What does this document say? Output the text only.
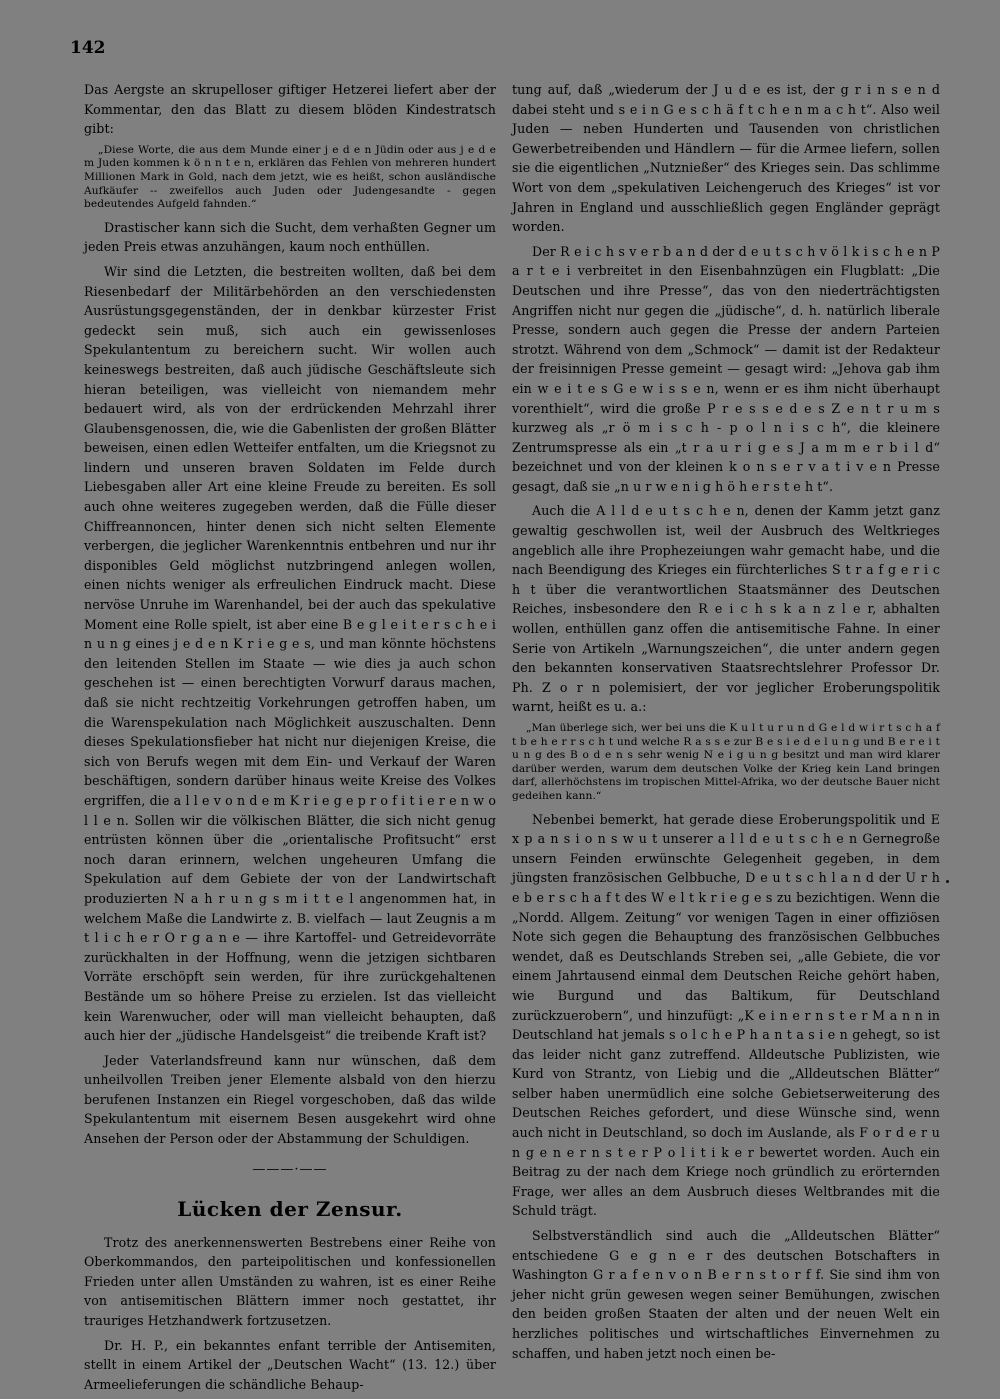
142

Das Aergste an skrupelloser giftiger Hetzerei liefert aber der Kommentar, den das Blatt zu diesem blöden Kindestratsch gibt:

„Diese Worte, die aus dem Munde einer j e d e n Jüdin oder aus j e d e m Juden kommen k ö n n t e n, erklären das Fehlen von mehreren hundert Millionen Mark in Gold, nach dem jetzt, wie es heißt, schon ausländische Aufkäufer -- zweifellos auch Juden oder Judengesandte - gegen bedeutendes Aufgeld fahnden.“

Drastischer kann sich die Sucht, dem verhaßten Gegner um jeden Preis etwas anzuhängen, kaum noch enthüllen.

Wir sind die Letzten, die bestreiten wollten, daß bei dem Riesenbedarf der Militärbehörden an den verschiedensten Ausrüstungsgegenständen, der in denkbar kürzester Frist gedeckt sein muß, sich auch ein gewissenloses Spekulantentum zu bereichern sucht. Wir wollen auch keineswegs bestreiten, daß auch jüdische Geschäftsleute sich hieran beteiligen, was vielleicht von niemandem mehr bedauert wird, als von der erdrückenden Mehrzahl ihrer Glaubensgenossen, die, wie die Gabenlisten der großen Blätter beweisen, einen edlen Wetteifer entfalten, um die Kriegsnot zu lindern und unseren braven Soldaten im Felde durch Liebesgaben aller Art eine kleine Freude zu bereiten. Es soll auch ohne weiteres zugegeben werden, daß die Fülle dieser Chiffreannoncen, hinter denen sich nicht selten Elemente verbergen, die jeglicher Warenkenntnis entbehren und nur ihr disponibles Geld möglichst nutzbringend anlegen wollen, einen nichts weniger als erfreulichen Eindruck macht. Diese nervöse Unruhe im Warenhandel, bei der auch das spekulative Moment eine Rolle spielt, ist aber eine B e g l e i t e r s c h e i n u n g eines j e d e n K r i e g e s, und man könnte höchstens den leitenden Stellen im Staate — wie dies ja auch schon geschehen ist — einen berechtigten Vorwurf daraus machen, daß sie nicht rechtzeitig Vorkehrungen getroffen haben, um die Warenspekulation nach Möglichkeit auszuschalten. Denn dieses Spekulationsfieber hat nicht nur diejenigen Kreise, die sich von Berufs wegen mit dem Ein- und Verkauf der Waren beschäftigen, sondern darüber hinaus weite Kreise des Volkes ergriffen, die a l l e v o n d e m K r i e g e p r o f i t i e r e n w o l l e n. Sollen wir die völkischen Blätter, die sich nicht genug entrüsten können über die „orientalische Profitsucht“ erst noch daran erinnern, welchen ungeheuren Umfang die Spekulation auf dem Gebiete der von der Landwirtschaft produzierten N a h r u n g s m i t t e l angenommen hat, in welchem Maße die Landwirte z. B. vielfach — laut Zeugnis a m t l i c h e r O r g a n e — ihre Kartoffel- und Getreidevorräte zurückhalten in der Hoffnung, wenn die jetzigen sichtbaren Vorräte erschöpft sein werden, für ihre zurückgehaltenen Bestände um so höhere Preise zu erzielen. Ist das vielleicht kein Warenwucher, oder will man vielleicht behaupten, daß auch hier der „jüdische Handelsgeist“ die treibende Kraft ist?

Jeder Vaterlandsfreund kann nur wünschen, daß dem unheilvollen Treiben jener Elemente alsbald von den hierzu berufenen Instanzen ein Riegel vorgeschoben, daß das wilde Spekulantentum mit eisernem Besen ausgekehrt wird ohne Ansehen der Person oder der Abstammung der Schuldigen.

———·——
Lücken der Zensur.

Trotz des anerkennenswerten Bestrebens einer Reihe von Oberkommandos, den parteipolitischen und konfessionellen Frieden unter allen Umständen zu wahren, ist es einer Reihe von antisemitischen Blättern immer noch gestattet, ihr trauriges Hetzhandwerk fortzusetzen.

Dr. H. P., ein bekanntes enfant terrible der Antisemiten, stellt in einem Artikel der „Deutschen Wacht“ (13. 12.) über Armeelieferungen die schändliche Behaup-

tung auf, daß „wiederum der J u d e es ist, der g r i n s e n d dabei steht und s e i n G e s c h ä f t c h e n m a c h t“. Also weil Juden — neben Hunderten und Tausenden von christlichen Gewerbetreibenden und Händlern — für die Armee liefern, sollen sie die eigentlichen „Nutznießer“ des Krieges sein. Das schlimme Wort von dem „spekulativen Leichengeruch des Krieges“ ist vor Jahren in England und ausschließlich gegen Engländer geprägt worden.

Der R e i c h s v e r b a n d der d e u t s c h v ö l k i s c h e n P a r t e i verbreitet in den Eisenbahnzügen ein Flugblatt: „Die Deutschen und ihre Presse“, das von den niederträchtigsten Angriffen nicht nur gegen die „jüdische“, d. h. natürlich liberale Presse, sondern auch gegen die Presse der andern Parteien strotzt. Während von dem „Schmock“ — damit ist der Redakteur der freisinnigen Presse gemeint — gesagt wird: „Jehova gab ihm ein w e i t e s G e w i s s e n, wenn er es ihm nicht überhaupt vorenthielt“, wird die große P r e s s e d e s Z e n t r u m s kurzweg als „r ö m i s c h - p o l n i s c h“, die kleinere Zentrumspresse als ein „t r a u r i g e s J a m m e r b i l d“ bezeichnet und von der kleinen k o n s e r v a t i v e n Presse gesagt, daß sie „n u r w e n i g h ö h e r s t e h t“.

Auch die A l l d e u t s c h e n, denen der Kamm jetzt ganz gewaltig geschwollen ist, weil der Ausbruch des Weltkrieges angeblich alle ihre Prophezeiungen wahr gemacht habe, und die nach Beendigung des Krieges ein fürchterliches S t r a f g e r i c h t über die verantwortlichen Staatsmänner des Deutschen Reiches, insbesondere den R e i c h s k a n z l e r, abhalten wollen, enthüllen ganz offen die antisemitische Fahne. In einer Serie von Artikeln „Warnungszeichen“, die unter andern gegen den bekannten konservativen Staatsrechtslehrer Professor Dr. Ph. Z o r n polemisiert, der vor jeglicher Eroberungspolitik warnt, heißt es u. a.:

„Man überlege sich, wer bei uns die K u l t u r u n d G e l d w i r t s c h a f t b e h e r r s c h t und welche R a s s e zur B e s i e d e l u n g und B e r e i t u n g des B o d e n s sehr wenig N e i g u n g besitzt und man wird klarer darüber werden, warum dem deutschen Volke der Krieg kein Land bringen darf, allerhöchstens im tropischen Mittel-Afrika, wo der deutsche Bauer nicht gedeihen kann.“

Nebenbei bemerkt, hat gerade diese Eroberungspolitik und E x p a n s i o n s w u t unserer a l l d e u t s c h e n Gernegroße unsern Feinden erwünschte Gelegenheit gegeben, in dem jüngsten französischen Gelbbuche, D e u t s c h l a n d der U r h e b e r s c h a f t des W e l t k r i e g e s zu bezichtigen. Wenn die „Nordd. Allgem. Zeitung“ vor wenigen Tagen in einer offiziösen Note sich gegen die Behauptung des französischen Gelbbuches wendet, daß es Deutschlands Streben sei, „alle Gebiete, die vor einem Jahrtausend einmal dem Deutschen Reiche gehört haben, wie Burgund und das Baltikum, für Deutschland zurückzuerobern“, und hinzufügt: „K e i n e r n s t e r M a n n in Deutschland hat jemals s o l c h e P h a n t a s i e n gehegt, so ist das leider nicht ganz zutreffend. Alldeutsche Publizisten, wie Kurd von Strantz, von Liebig und die „Alldeutschen Blätter“ selber haben unermüdlich eine solche Gebietserweiterung des Deutschen Reiches gefordert, und diese Wünsche sind, wenn auch nicht in Deutschland, so doch im Auslande, als F o r d e r u n g e n e r n s t e r P o l i t i k e r bewertet worden. Auch ein Beitrag zu der nach dem Kriege noch gründlich zu erörternden Frage, wer alles an dem Ausbruch dieses Weltbrandes mit die Schuld trägt.

Selbstverständlich sind auch die „Alldeutschen Blätter“ entschiedene G e g n e r des deutschen Botschafters in Washington G r a f e n v o n B e r n s t o r f f. Sie sind ihm von jeher nicht grün gewesen wegen seiner Bemühungen, zwischen den beiden großen Staaten der alten und der neuen Welt ein herzliches politisches und wirtschaftliches Einvernehmen zu schaffen, und haben jetzt noch einen be-
